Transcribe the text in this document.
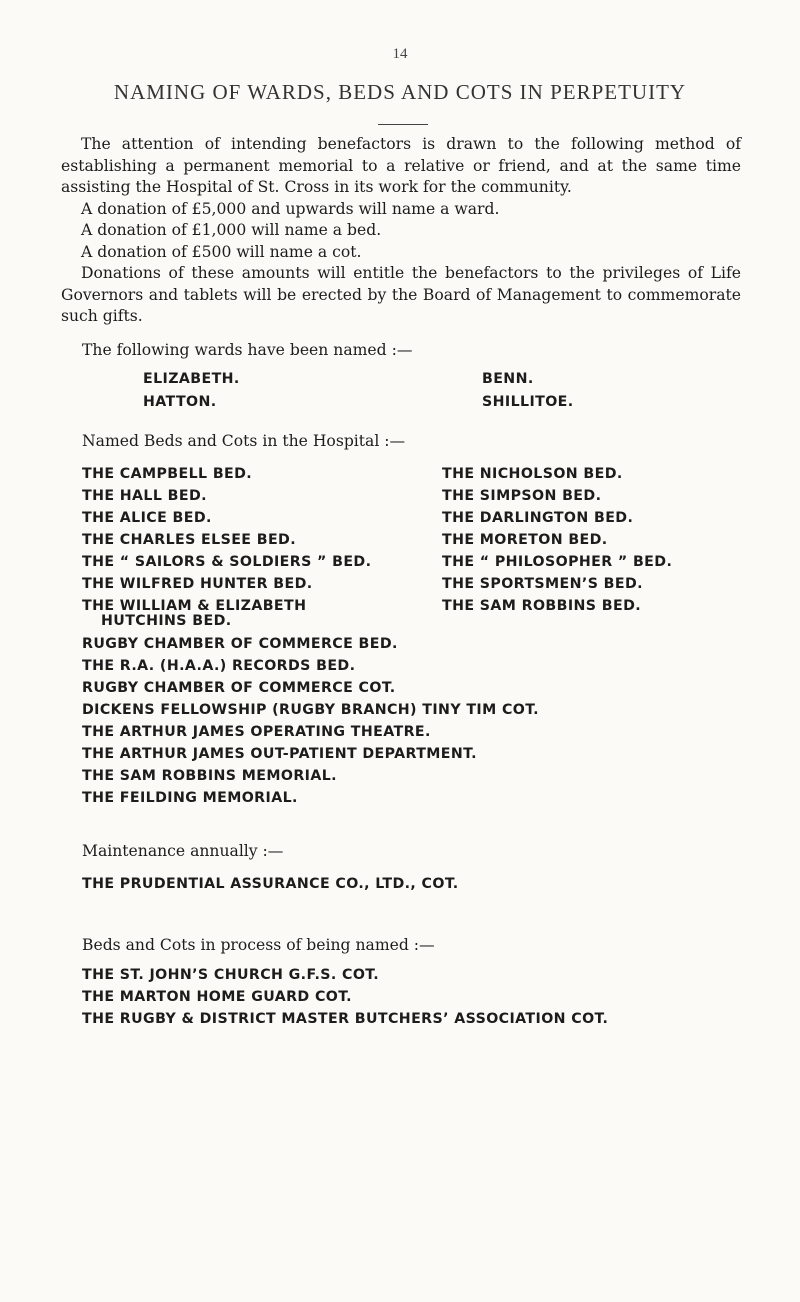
14
NAMING OF WARDS, BEDS AND COTS IN PERPETUITY

The attention of intending benefactors is drawn to the following method of establishing a permanent memorial to a relative or friend, and at the same time assisting the Hospital of St. Cross in its work for the community.

A donation of £5,000 and upwards will name a ward.

A donation of £1,000 will name a bed.

A donation of £500 will name a cot.

Donations of these amounts will entitle the benefactors to the privileges of Life Governors and tablets will be erected by the Board of Management to commemorate such gifts.

The following wards have been named :—
ELIZABETH.
HATTON.
BENN.
SHILLITOE.
Named Beds and Cots in the Hospital :—
THE CAMPBELL BED.
THE HALL BED.
THE ALICE BED.
THE CHARLES ELSEE BED.
THE “ SAILORS & SOLDIERS ” BED.
THE WILFRED HUNTER BED.
THE WILLIAM & ELIZABETH
HUTCHINS BED.
THE NICHOLSON BED.
THE SIMPSON BED.
THE DARLINGTON BED.
THE MORETON BED.
THE “ PHILOSOPHER ” BED.
THE SPORTSMEN’S BED.
THE SAM ROBBINS BED.
RUGBY CHAMBER OF COMMERCE BED.
THE R.A. (H.A.A.) RECORDS BED.
RUGBY CHAMBER OF COMMERCE COT.
DICKENS FELLOWSHIP (RUGBY BRANCH) TINY TIM COT.
THE ARTHUR JAMES OPERATING THEATRE.
THE ARTHUR JAMES OUT-PATIENT DEPARTMENT.
THE SAM ROBBINS MEMORIAL.
THE FEILDING MEMORIAL.
Maintenance annually :—
THE PRUDENTIAL ASSURANCE CO., LTD., COT.
Beds and Cots in process of being named :—
THE ST. JOHN’S CHURCH G.F.S. COT.
THE MARTON HOME GUARD COT.
THE RUGBY & DISTRICT MASTER BUTCHERS’ ASSOCIATION COT.
